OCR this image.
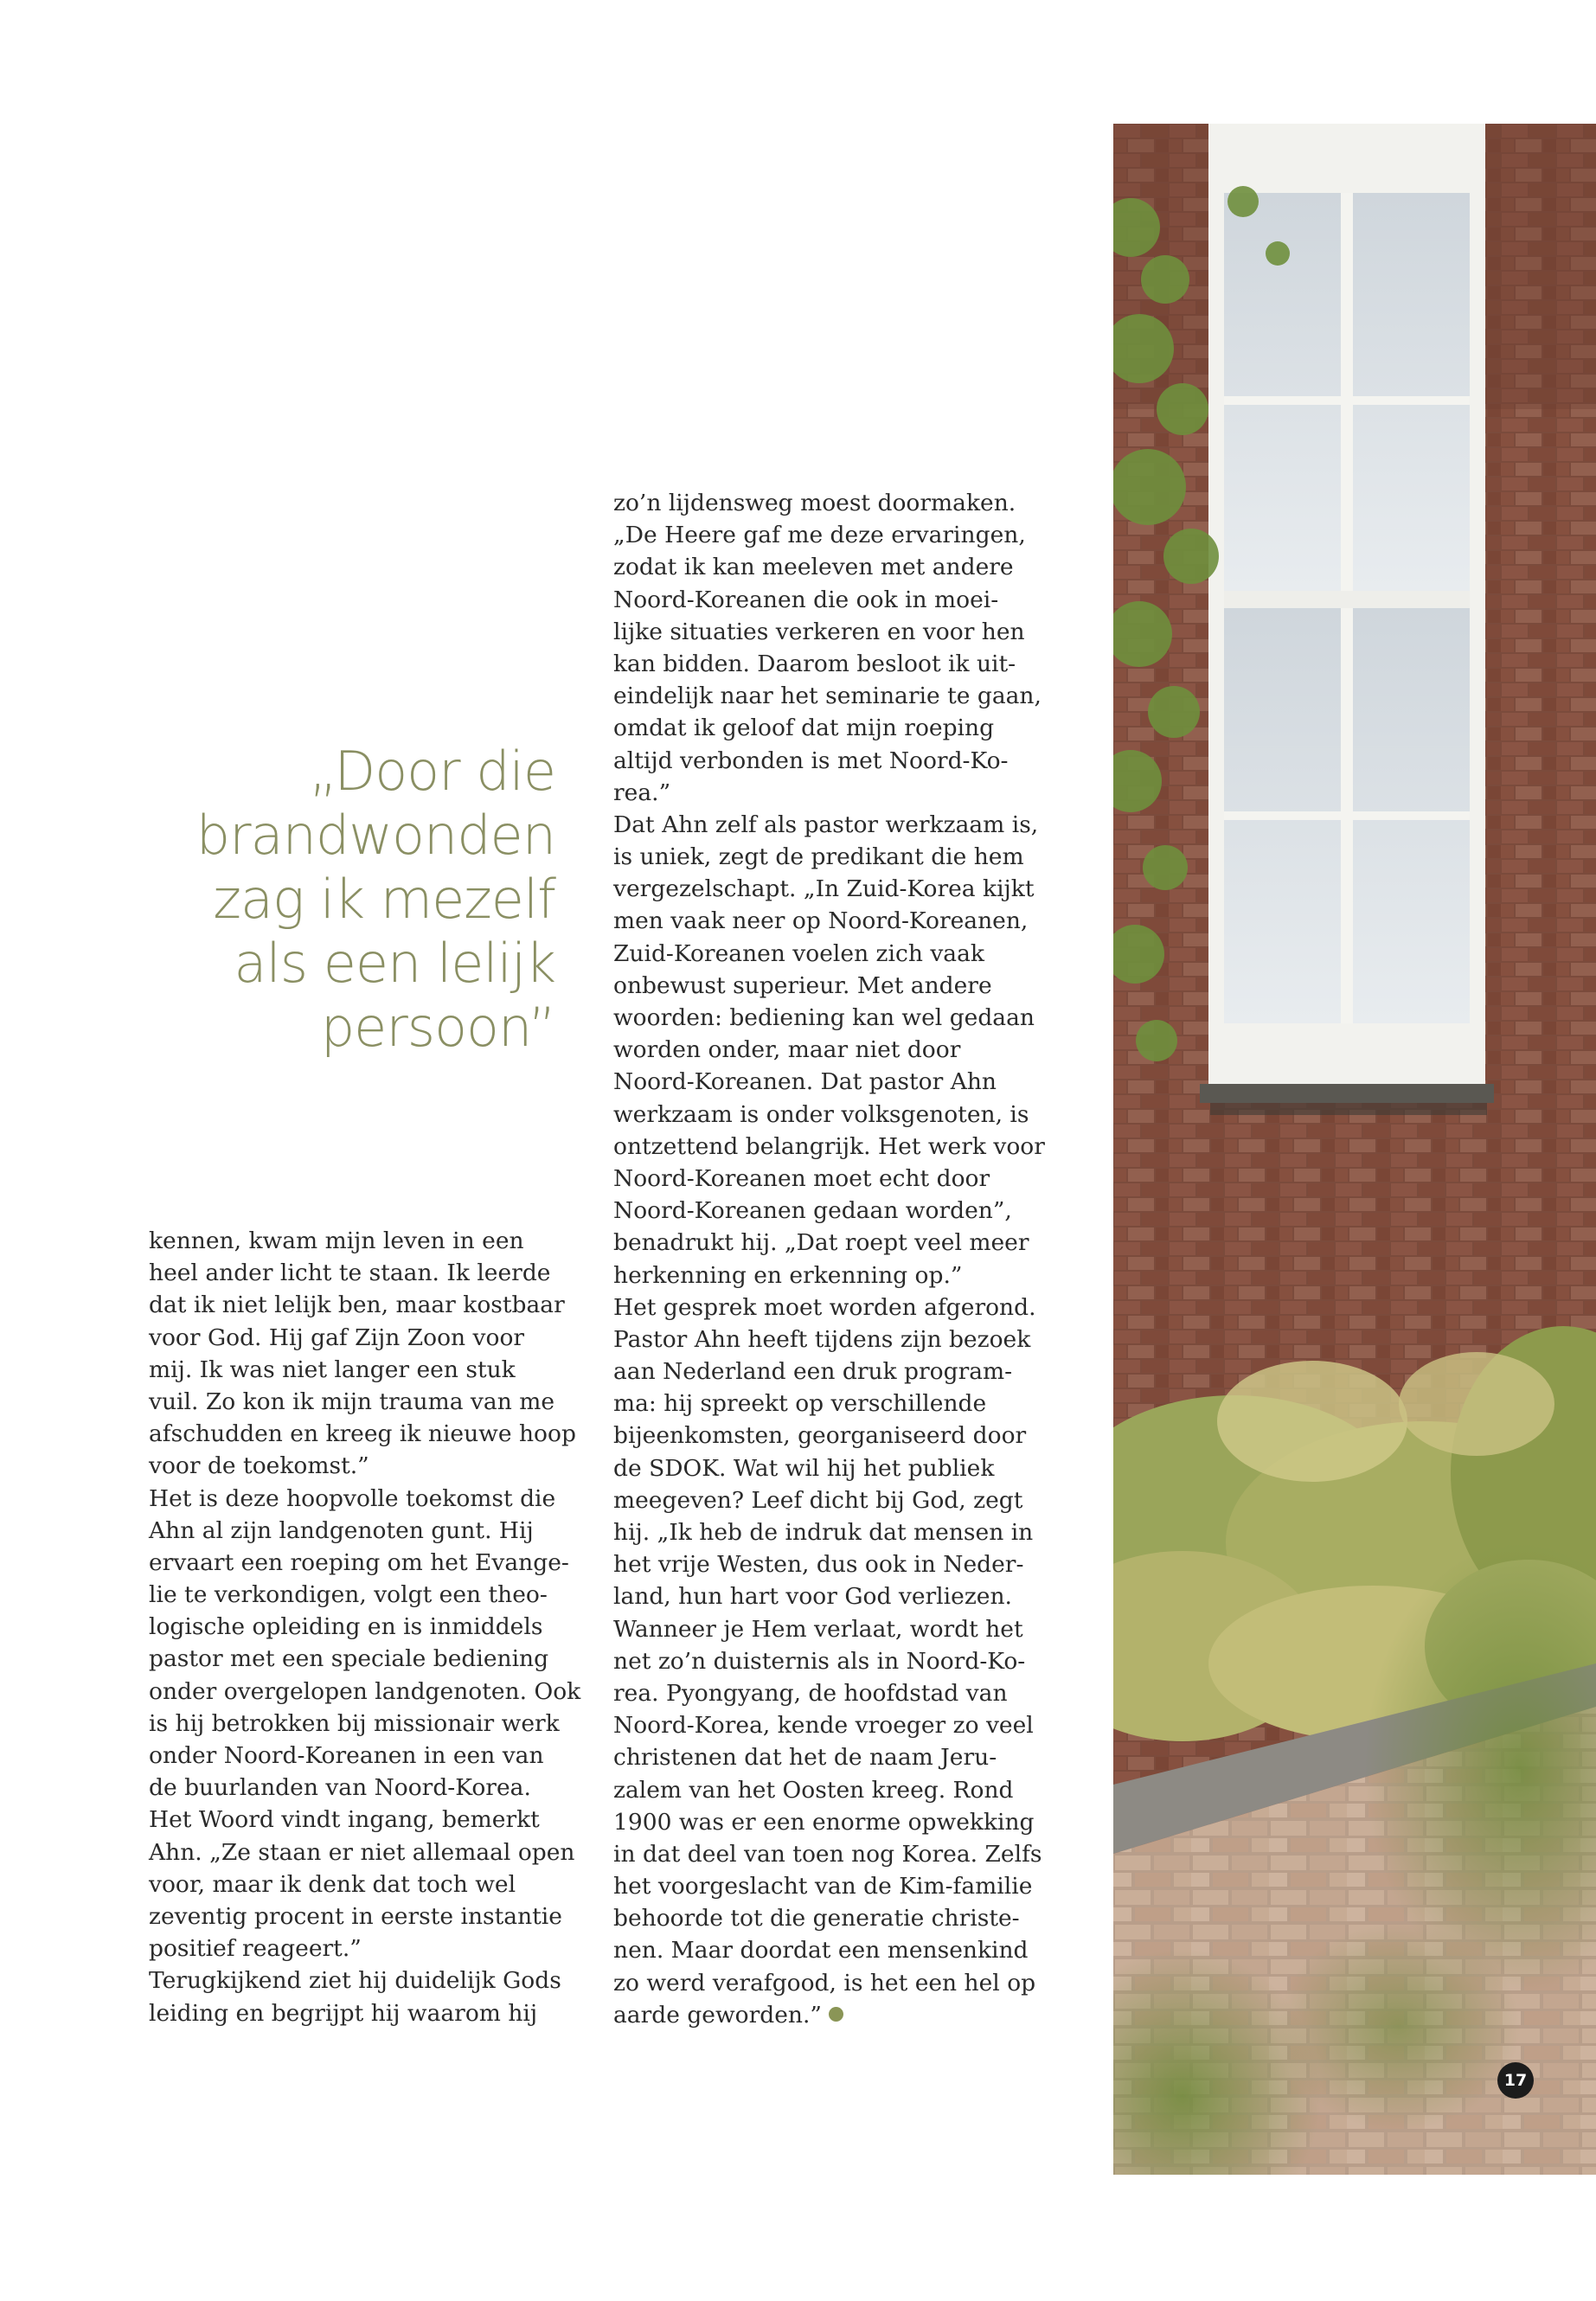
„Door die
brandwonden
zag ik mezelf
als een lelijk
persoon”
kennen, kwam mijn leven in een
heel ander licht te staan. Ik leerde
dat ik niet lelijk ben, maar kostbaar
voor God. Hij gaf Zijn Zoon voor
mij. Ik was niet langer een stuk
vuil. Zo kon ik mijn trauma van me
afschudden en kreeg ik nieuwe hoop
voor de toekomst.”
Het is deze hoopvolle toekomst die
Ahn al zijn landgenoten gunt. Hij
ervaart een roeping om het Evange-
lie te verkondigen, volgt een theo-
logische opleiding en is inmiddels
pastor met een speciale bediening
onder overgelopen landgenoten. Ook
is hij betrokken bij missionair werk
onder Noord-Koreanen in een van
de buurlanden van Noord-Korea.
Het Woord vindt ingang, bemerkt
Ahn. „Ze staan er niet allemaal open
voor, maar ik denk dat toch wel
zeventig procent in eerste instantie
positief reageert.”
Terugkijkend ziet hij duidelijk Gods
leiding en begrijpt hij waarom hij
zo’n lijdensweg moest doormaken.
„De Heere gaf me deze ervaringen,
zodat ik kan meeleven met andere
Noord-Koreanen die ook in moei-
lijke situaties verkeren en voor hen
kan bidden. Daarom besloot ik uit-
eindelijk naar het seminarie te gaan,
omdat ik geloof dat mijn roeping
altijd verbonden is met Noord-Ko-
rea.”
Dat Ahn zelf als pastor werkzaam is,
is uniek, zegt de predikant die hem
vergezelschapt. „In Zuid-Korea kijkt
men vaak neer op Noord-Koreanen,
Zuid-Koreanen voelen zich vaak
onbewust superieur. Met andere
woorden: bediening kan wel gedaan
worden onder, maar niet door
Noord-Koreanen. Dat pastor Ahn
werkzaam is onder volksgenoten, is
ontzettend belangrijk. Het werk voor
Noord-Koreanen moet echt door
Noord-Koreanen gedaan worden”,
benadrukt hij. „Dat roept veel meer
herkenning en erkenning op.”
Het gesprek moet worden afgerond.
Pastor Ahn heeft tijdens zijn bezoek
aan Nederland een druk program-
ma: hij spreekt op verschillende
bijeenkomsten, georganiseerd door
de SDOK. Wat wil hij het publiek
meegeven? Leef dicht bij God, zegt
hij. „Ik heb de indruk dat mensen in
het vrije Westen, dus ook in Neder-
land, hun hart voor God verliezen.
Wanneer je Hem verlaat, wordt het
net zo’n duisternis als in Noord-Ko-
rea. Pyongyang, de hoofdstad van
Noord-Korea, kende vroeger zo veel
christenen dat het de naam Jeru-
zalem van het Oosten kreeg. Rond
1900 was er een enorme opwekking
in dat deel van toen nog Korea. Zelfs
het voorgeslacht van de Kim-familie
behoorde tot die generatie christe-
nen. Maar doordat een mensenkind
zo werd verafgood, is het een hel op
aarde geworden.”
17
